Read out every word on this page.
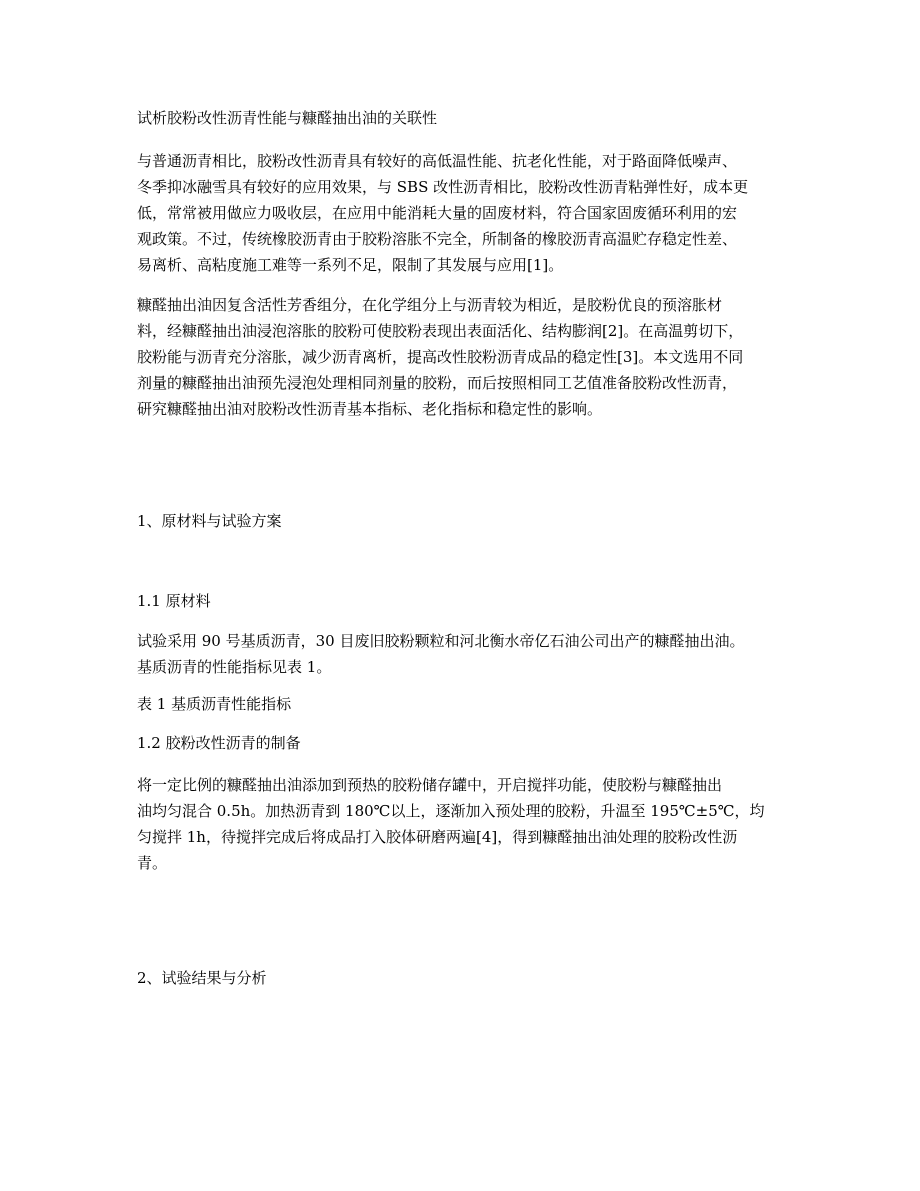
试析胶粉改性沥青性能与糠醛抽出油的关联性

与普通沥青相比，胶粉改性沥青具有较好的高低温性能、抗老化性能，对于路面降低噪声、
冬季抑冰融雪具有较好的应用效果，与 SBS 改性沥青相比，胶粉改性沥青粘弹性好，成本更
低，常常被用做应力吸收层，在应用中能消耗大量的固废材料，符合国家固废循环利用的宏
观政策。不过，传统橡胶沥青由于胶粉溶胀不完全，所制备的橡胶沥青高温贮存稳定性差、
易离析、高粘度施工难等一系列不足，限制了其发展与应用[1]。
糠醛抽出油因复含活性芳香组分，在化学组分上与沥青较为相近，是胶粉优良的预溶胀材
料，经糠醛抽出油浸泡溶胀的胶粉可使胶粉表现出表面活化、结构膨润[2]。在高温剪切下，
胶粉能与沥青充分溶胀，减少沥青离析，提高改性胶粉沥青成品的稳定性[3]。本文选用不同
剂量的糠醛抽出油预先浸泡处理相同剂量的胶粉，而后按照相同工艺值准备胶粉改性沥青，
研究糠醛抽出油对胶粉改性沥青基本指标、老化指标和稳定性的影响。

1、原材料与试验方案

1.1 原材料

试验采用 90 号基质沥青，30 目废旧胶粉颗粒和河北衡水帝亿石油公司出产的糠醛抽出油。
基质沥青的性能指标见表 1。

表 1 基质沥青性能指标

1.2 胶粉改性沥青的制备

将一定比例的糠醛抽出油添加到预热的胶粉储存罐中，开启搅拌功能，使胶粉与糠醛抽出
油均匀混合 0.5h。加热沥青到 180℃以上，逐渐加入预处理的胶粉，升温至 195℃±5℃，均
匀搅拌 1h，待搅拌完成后将成品打入胶体研磨两遍[4]，得到糠醛抽出油处理的胶粉改性沥
青。

2、试验结果与分析
